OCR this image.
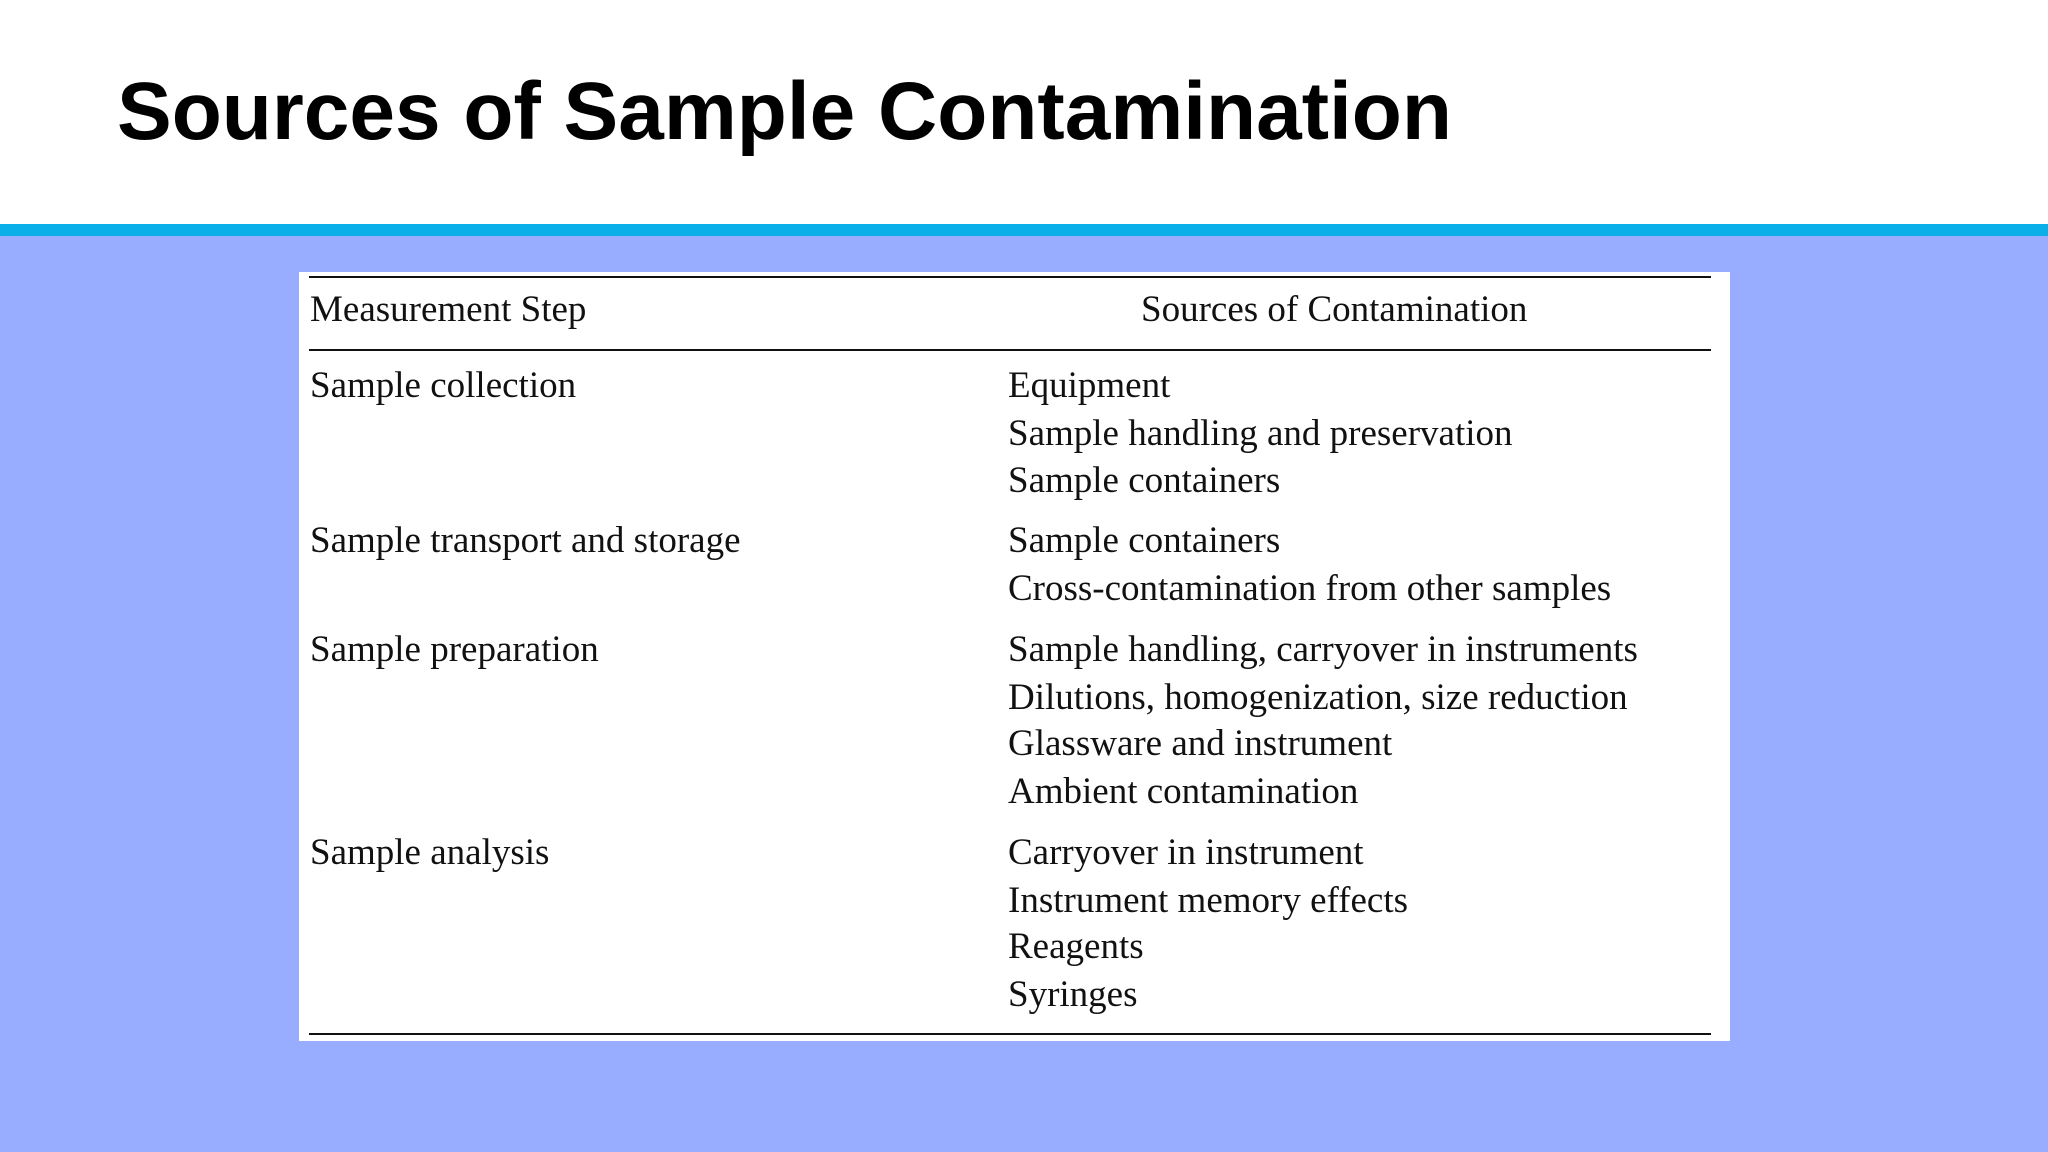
Sources of Sample Contamination
Measurement Step	Sources of Contamination
Sample collection	Equipment
Sample handling and preservation
Sample containers
Sample transport and storage	Sample containers
Cross-contamination from other samples
Sample preparation	Sample handling, carryover in instruments
Dilutions, homogenization, size reduction
Glassware and instrument
Ambient contamination
Sample analysis	Carryover in instrument
Instrument memory effects
Reagents
Syringes
